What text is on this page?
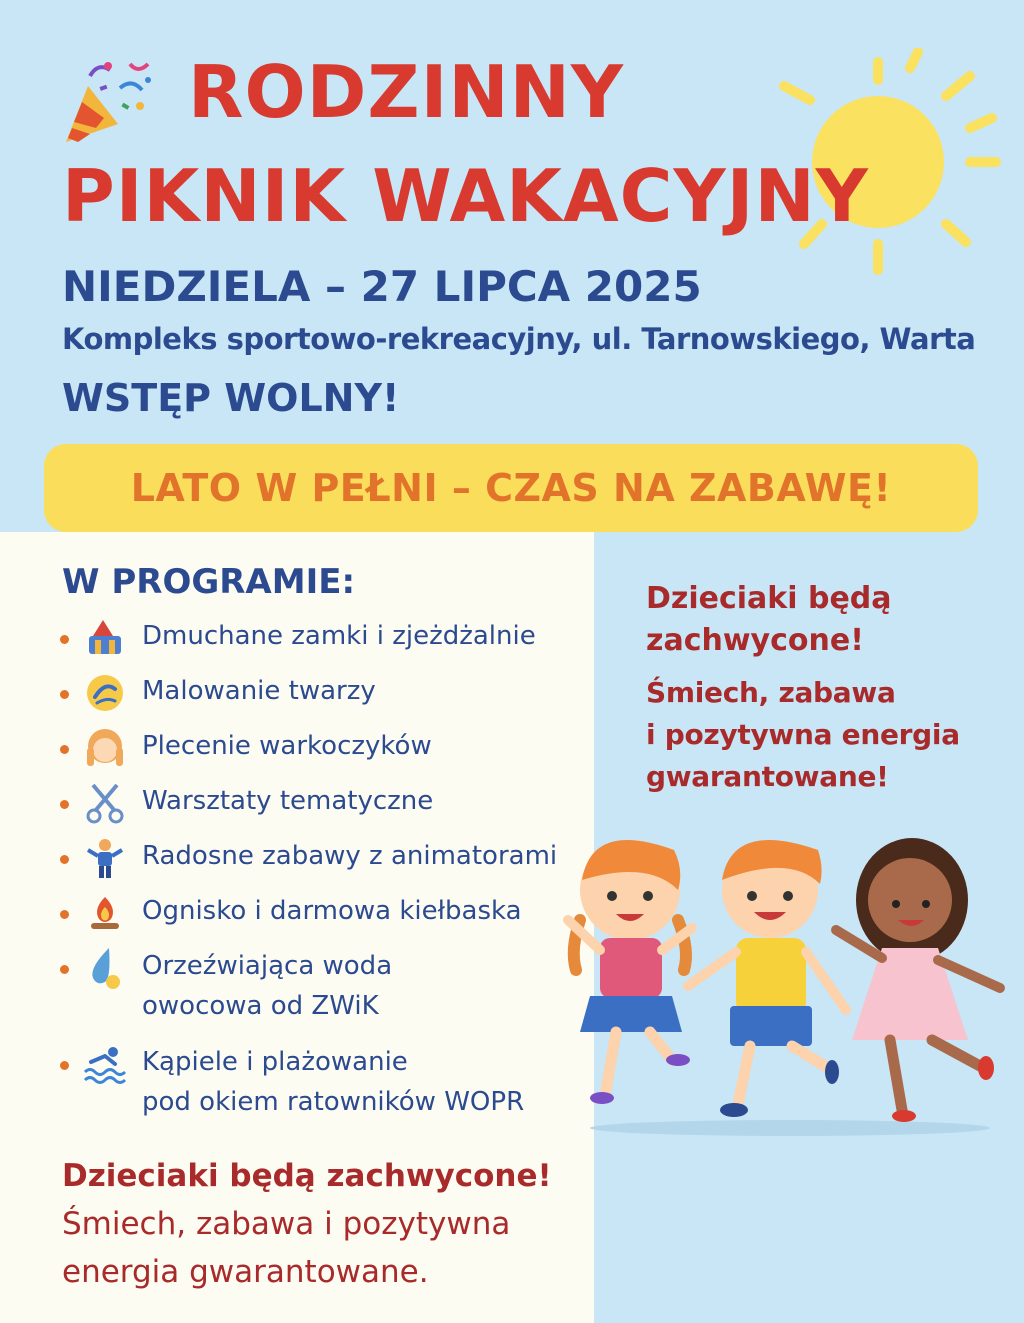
RODZINNY
PIKNIK WAKACYJNY
NIEDZIELA – 27 LIPCA 2025
Kompleks sportowo-rekreacyjny, ul. Tarnowskiego, Warta
WSTĘP WOLNY!
LATO W PEŁNI – CZAS NA ZABAWĘ!
W PROGRAMIE:
Dmuchane zamki i zjeżdżalnie
Malowanie twarzy
Plecenie warkoczyków
Warsztaty tematyczne
Radosne zabawy z animatorami
Ognisko i darmowa kiełbaska
Orzeźwiająca woda
owocowa od ZWiK
Kąpiele i plażowanie
pod okiem ratowników WOPR
Dzieciaki będą zachwycone!
Śmiech, zabawa i pozytywna
energia gwarantowane.
Dzieciaki będą
zachwycone!
Śmiech, zabawa
i pozytywna energia
gwarantowane!
